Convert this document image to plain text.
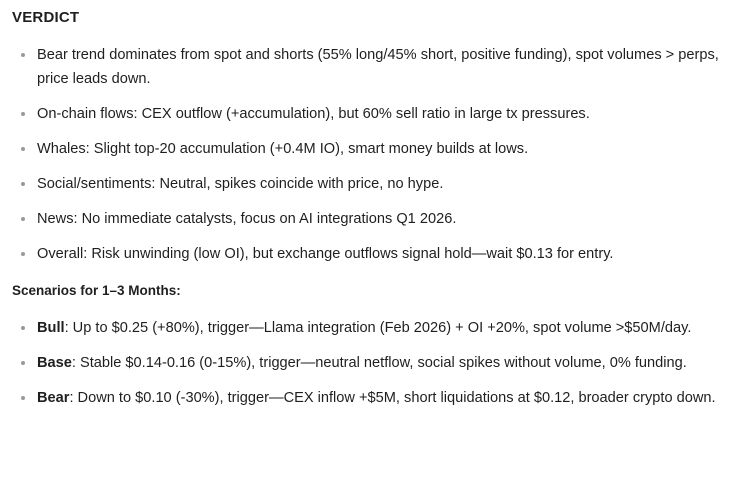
VERDICT
Bear trend dominates from spot and shorts (55% long/45% short, positive funding), spot volumes > perps, price leads down.
On-chain flows: CEX outflow (+accumulation), but 60% sell ratio in large tx pressures.
Whales: Slight top-20 accumulation (+0.4M IO), smart money builds at lows.
Social/sentiments: Neutral, spikes coincide with price, no hype.
News: No immediate catalysts, focus on AI integrations Q1 2026.
Overall: Risk unwinding (low OI), but exchange outflows signal hold—wait $0.13 for entry.
Scenarios for 1–3 Months:
Bull: Up to $0.25 (+80%), trigger—Llama integration (Feb 2026) + OI +20%, spot volume >$50M/day.
Base: Stable $0.14-0.16 (0-15%), trigger—neutral netflow, social spikes without volume, 0% funding.
Bear: Down to $0.10 (-30%), trigger—CEX inflow +$5M, short liquidations at $0.12, broader crypto down.
